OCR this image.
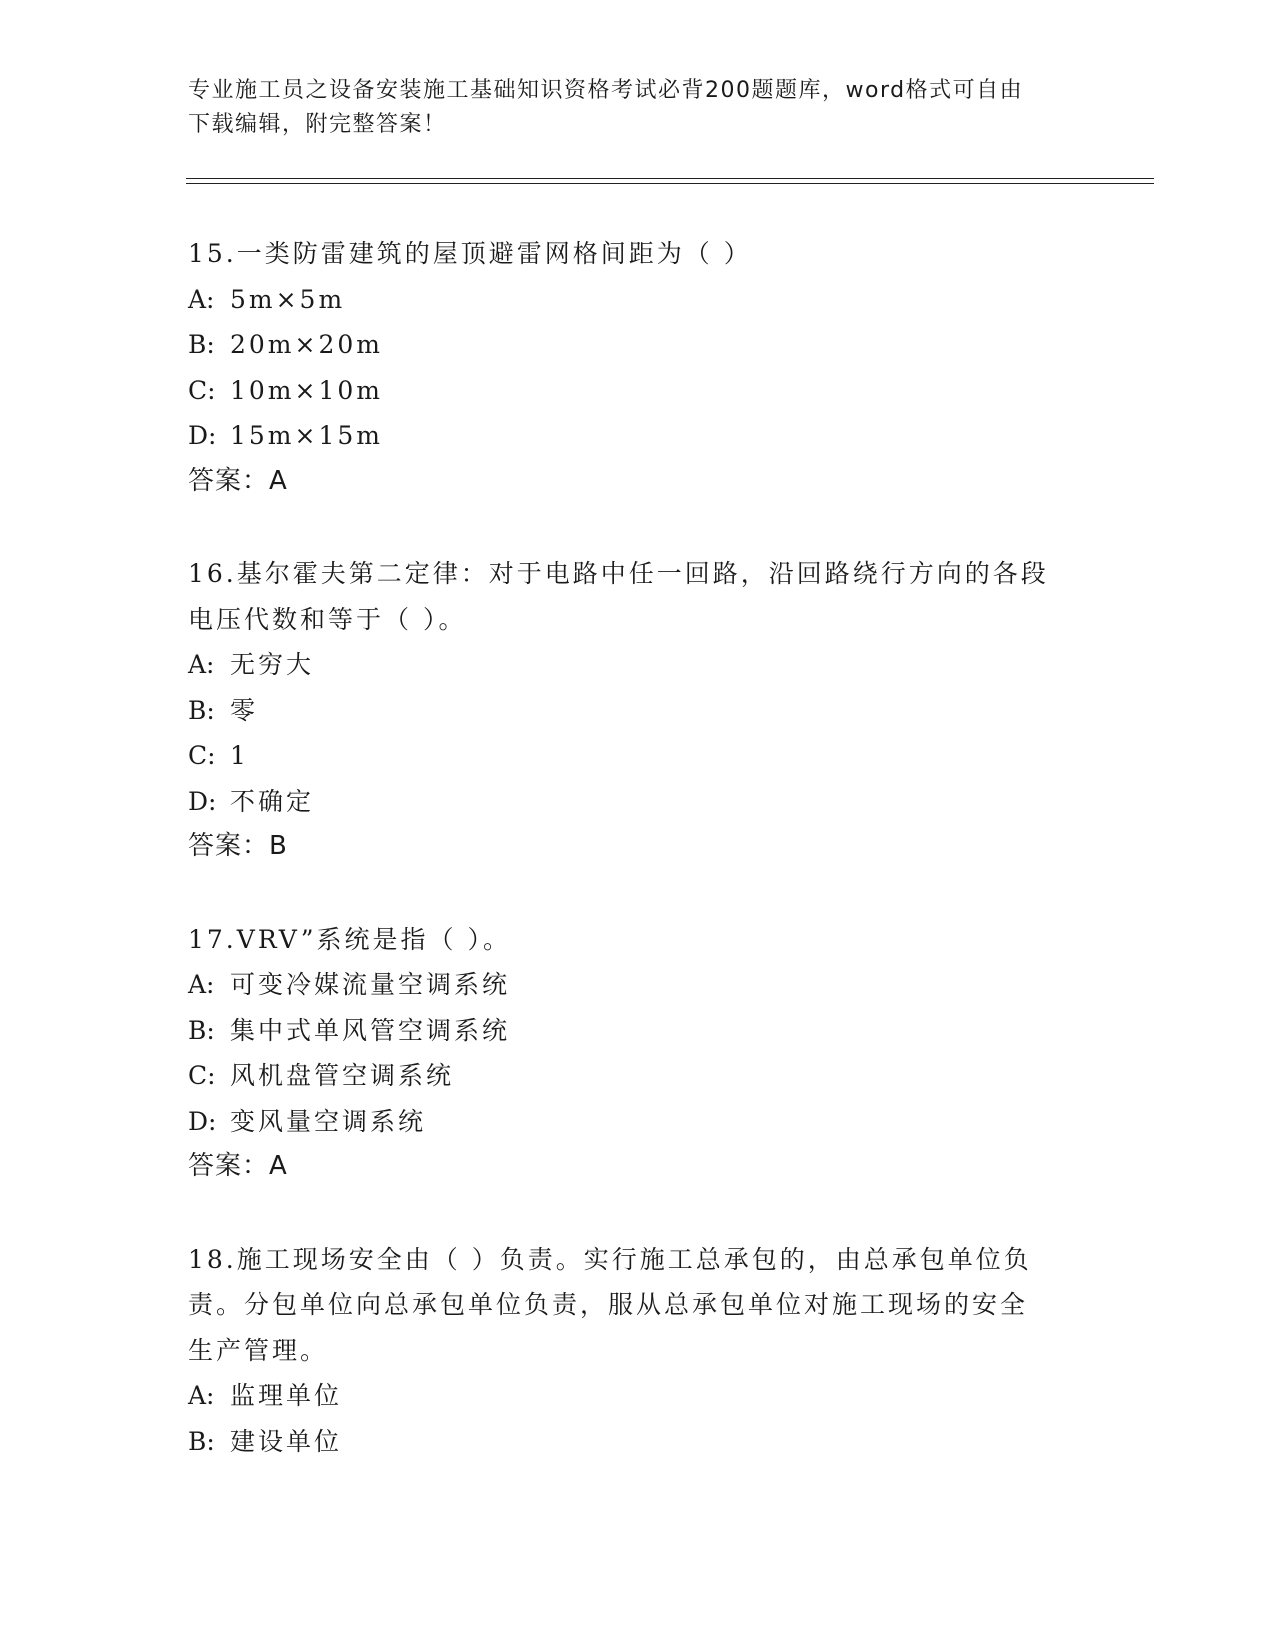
专业施工员之设备安装施工基础知识资格考试必背200题题库，word格式可自由
下载编辑，附完整答案！

15.一类防雷建筑的屋顶避雷网格间距为（ ）

A: 5m×5m
B: 20m×20m
C: 10m×10m
D: 15m×15m

答案：A

16.基尔霍夫第二定律：对于电路中任一回路，沿回路绕行方向的各段

电压代数和等于（ ）。

A: 无穷大
B: 零
C: 1
D: 不确定

答案：B

17.VRV”系统是指（ ）。

A: 可变冷媒流量空调系统
B: 集中式单风管空调系统
C: 风机盘管空调系统
D: 变风量空调系统

答案：A

18.施工现场安全由（ ）负责。实行施工总承包的，由总承包单位负

责。分包单位向总承包单位负责，服从总承包单位对施工现场的安全

生产管理。

A: 监理单位
B: 建设单位
